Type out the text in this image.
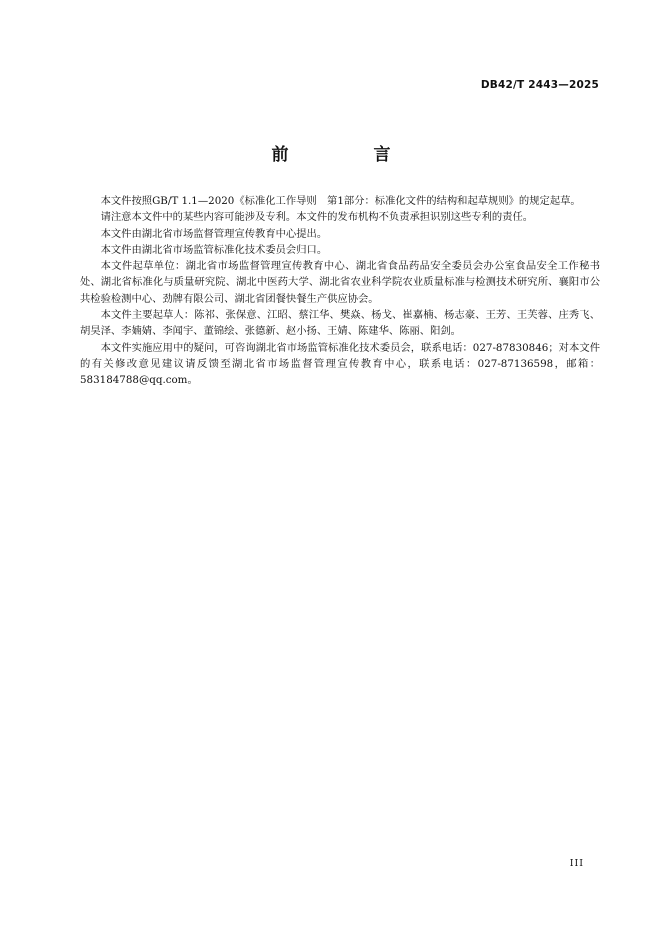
DB42/T 2443—2025
前　言

本文件按照GB/T 1.1—2020《标准化工作导则　第1部分：标准化文件的结构和起草规则》的规定起草。

请注意本文件中的某些内容可能涉及专利。本文件的发布机构不负责承担识别这些专利的责任。

本文件由湖北省市场监督管理宣传教育中心提出。

本文件由湖北省市场监管标准化技术委员会归口。

本文件起草单位：湖北省市场监督管理宣传教育中心、湖北省食品药品安全委员会办公室食品安全工作秘书处、湖北省标准化与质量研究院、湖北中医药大学、湖北省农业科学院农业质量标准与检测技术研究所、襄阳市公共检验检测中心、劲牌有限公司、湖北省团餐快餐生产供应协会。

本文件主要起草人：陈祁、张保意、江昭、蔡江华、樊焱、杨戈、崔嘉楠、杨志豪、王芳、王芙蓉、庄秀飞、胡昊泽、李婻婧、李闻宇、董锦绘、张德新、赵小扬、王婧、陈建华、陈丽、阳剑。

本文件实施应用中的疑问，可咨询湖北省市场监管标准化技术委员会，联系电话：027-87830846；对本文件的有关修改意见建议请反馈至湖北省市场监督管理宣传教育中心，联系电话：027-87136598，邮箱：583184788@qq.com。

III
